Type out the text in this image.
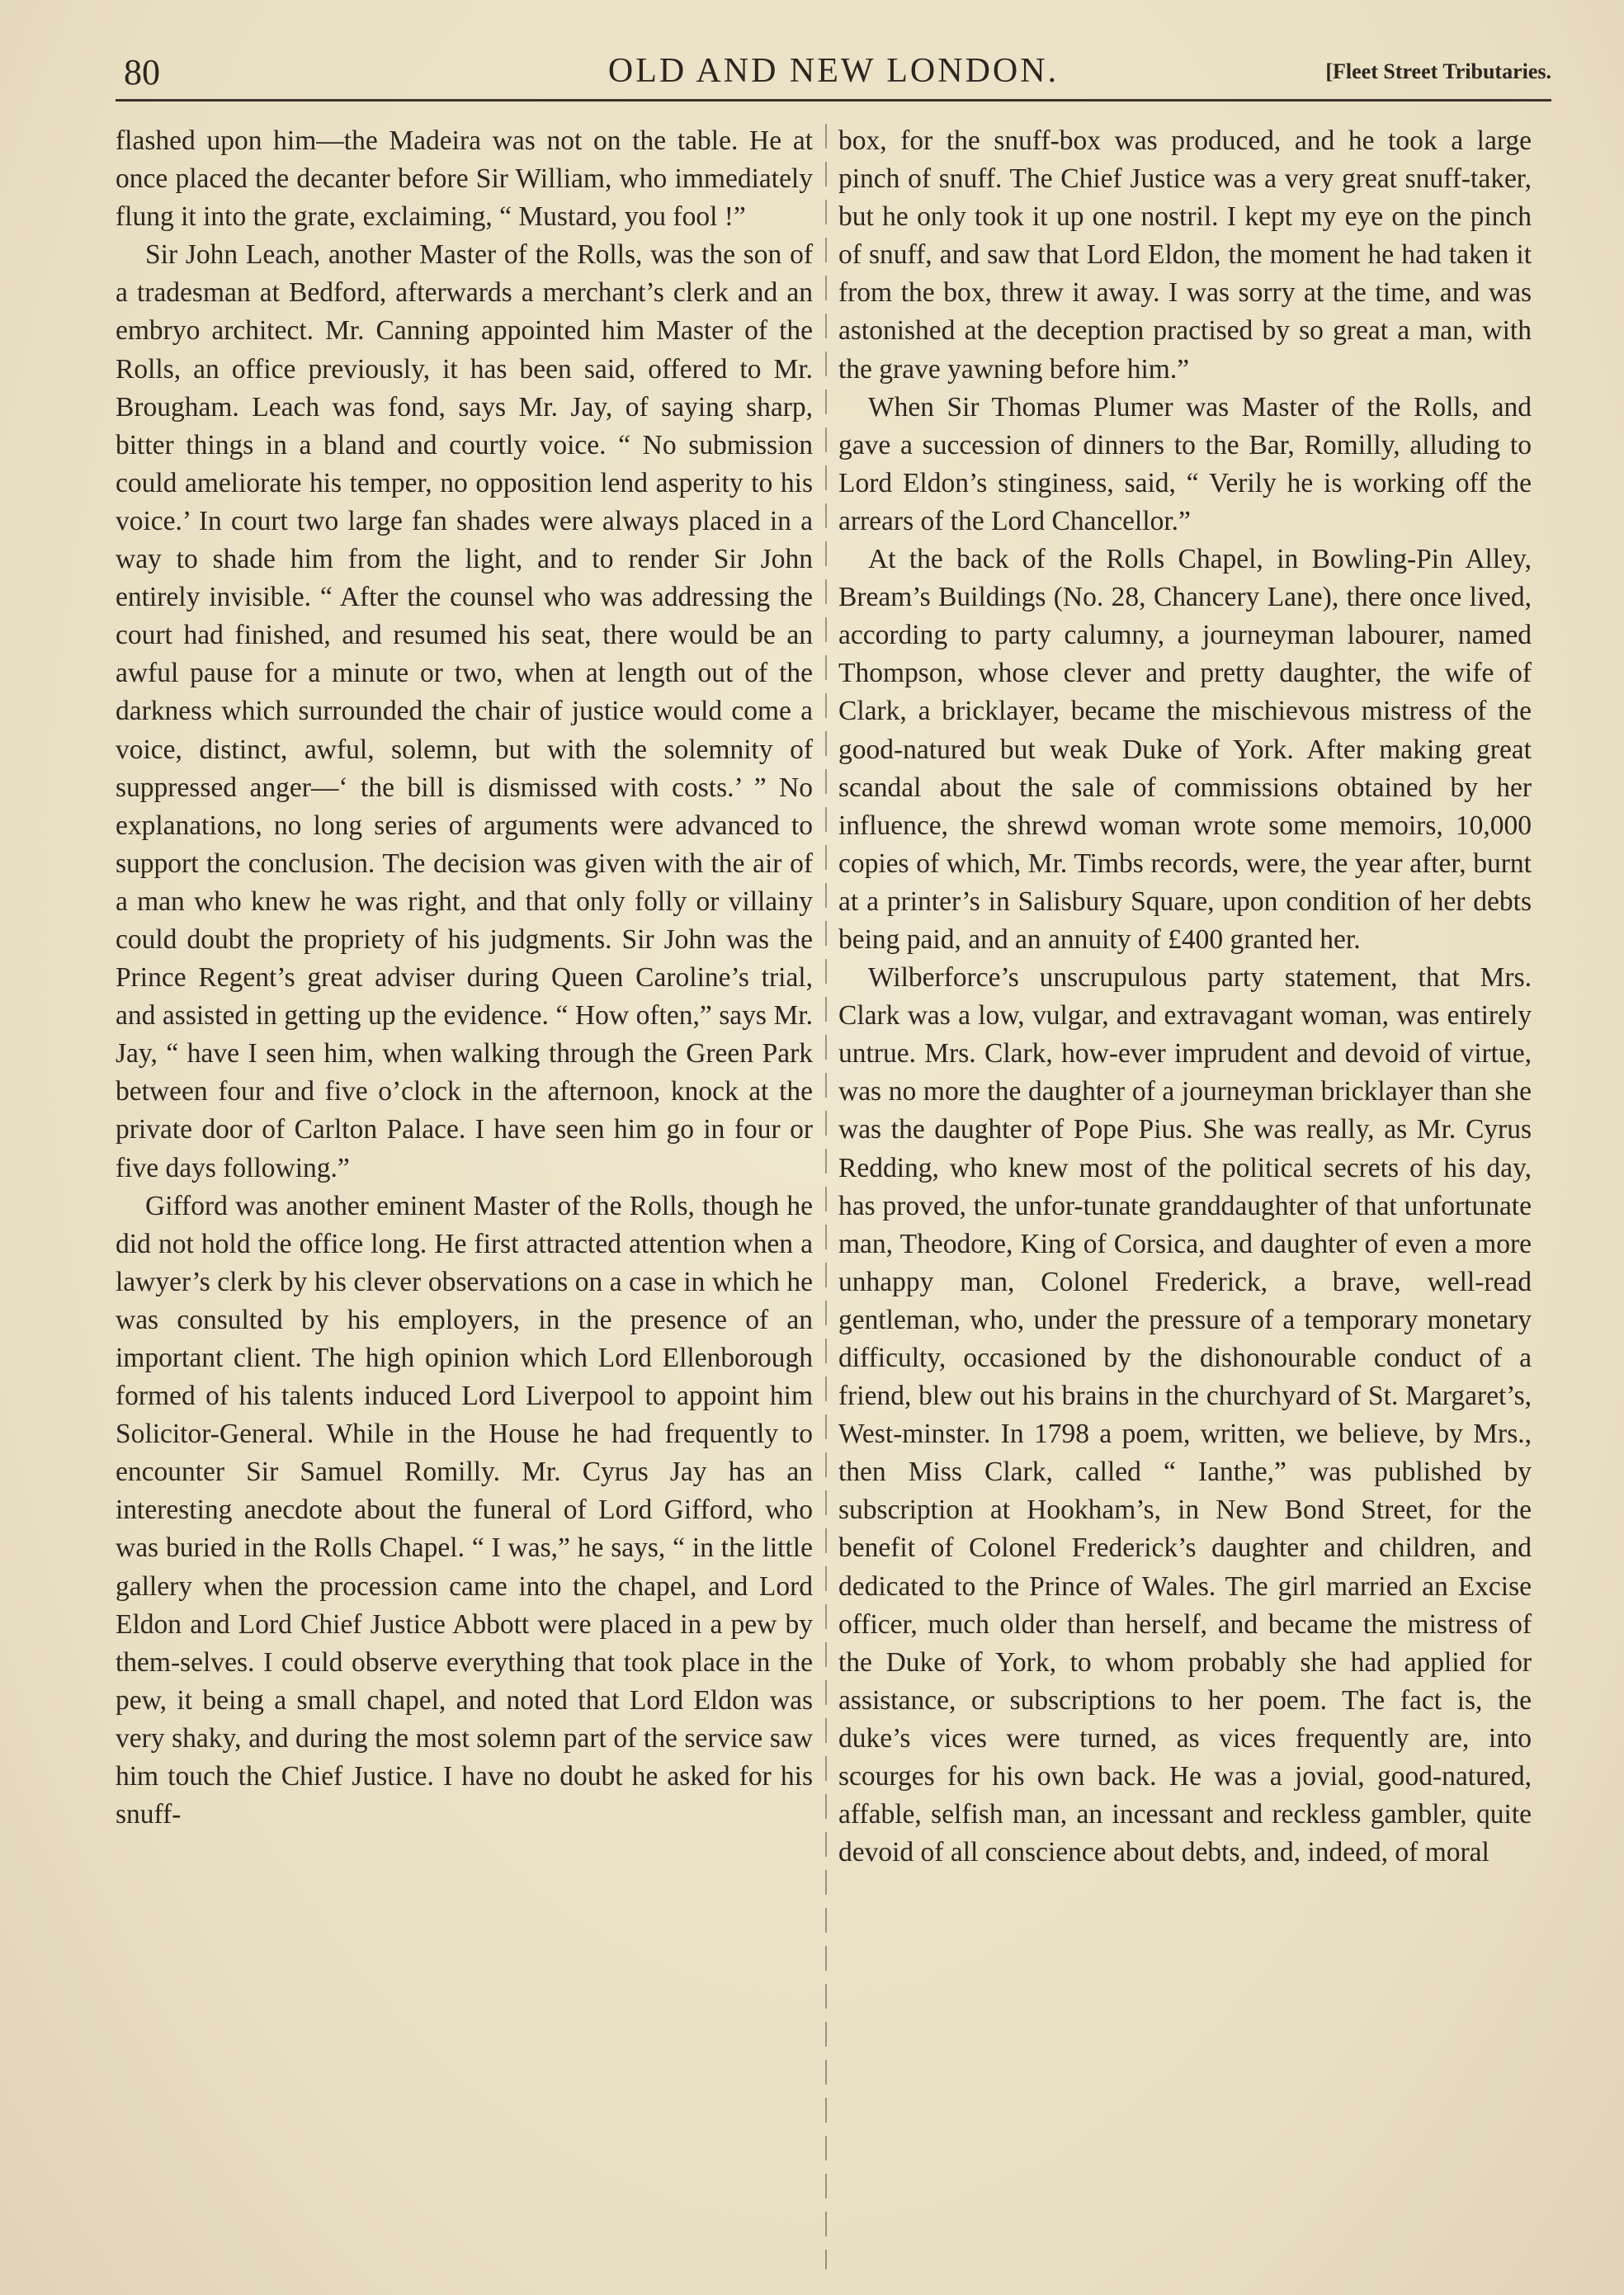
80	OLD AND NEW LONDON.	[Fleet Street Tributaries.

flashed upon him—the Madeira was not on the table. He at once placed the decanter before Sir William, who immediately flung it into the grate, exclaiming, “ Mustard, you fool !”

Sir John Leach, another Master of the Rolls, was the son of a tradesman at Bedford, afterwards a merchant’s clerk and an embryo architect. Mr. Canning appointed him Master of the Rolls, an office previously, it has been said, offered to Mr. Brougham. Leach was fond, says Mr. Jay, of saying sharp, bitter things in a bland and courtly voice. “ No submission could ameliorate his temper, no opposition lend asperity to his voice.’ In court two large fan shades were always placed in a way to shade him from the light, and to render Sir John entirely invisible. “ After the counsel who was addressing the court had finished, and resumed his seat, there would be an awful pause for a minute or two, when at length out of the darkness which surrounded the chair of justice would come a voice, distinct, awful, solemn, but with the solemnity of suppressed anger—‘ the bill is dismissed with costs.’ ” No explanations, no long series of arguments were advanced to support the conclusion. The decision was given with the air of a man who knew he was right, and that only folly or villainy could doubt the propriety of his judgments. Sir John was the Prince Regent’s great adviser during Queen Caroline’s trial, and assisted in getting up the evidence. “ How often,” says Mr. Jay, “ have I seen him, when walking through the Green Park between four and five o’clock in the afternoon, knock at the private door of Carlton Palace. I have seen him go in four or five days following.”

Gifford was another eminent Master of the Rolls, though he did not hold the office long. He first attracted attention when a lawyer’s clerk by his clever observations on a case in which he was consulted by his employers, in the presence of an important client. The high opinion which Lord Ellenborough formed of his talents induced Lord Liverpool to appoint him Solicitor-General. While in the House he had frequently to encounter Sir Samuel Romilly. Mr. Cyrus Jay has an interesting anecdote about the funeral of Lord Gifford, who was buried in the Rolls Chapel. “ I was,” he says, “ in the little gallery when the procession came into the chapel, and Lord Eldon and Lord Chief Justice Abbott were placed in a pew by them-selves. I could observe everything that took place in the pew, it being a small chapel, and noted that Lord Eldon was very shaky, and during the most solemn part of the service saw him touch the Chief Justice. I have no doubt he asked for his snuff-

box, for the snuff-box was produced, and he took a large pinch of snuff. The Chief Justice was a very great snuff-taker, but he only took it up one nostril. I kept my eye on the pinch of snuff, and saw that Lord Eldon, the moment he had taken it from the box, threw it away. I was sorry at the time, and was astonished at the deception practised by so great a man, with the grave yawning before him.”

When Sir Thomas Plumer was Master of the Rolls, and gave a succession of dinners to the Bar, Romilly, alluding to Lord Eldon’s stinginess, said, “ Verily he is working off the arrears of the Lord Chancellor.”

At the back of the Rolls Chapel, in Bowling-Pin Alley, Bream’s Buildings (No. 28, Chancery Lane), there once lived, according to party calumny, a journeyman labourer, named Thompson, whose clever and pretty daughter, the wife of Clark, a bricklayer, became the mischievous mistress of the good-natured but weak Duke of York. After making great scandal about the sale of commissions obtained by her influence, the shrewd woman wrote some memoirs, 10,000 copies of which, Mr. Timbs records, were, the year after, burnt at a printer’s in Salisbury Square, upon condition of her debts being paid, and an annuity of £400 granted her.

Wilberforce’s unscrupulous party statement, that Mrs. Clark was a low, vulgar, and extravagant woman, was entirely untrue. Mrs. Clark, how-ever imprudent and devoid of virtue, was no more the daughter of a journeyman bricklayer than she was the daughter of Pope Pius. She was really, as Mr. Cyrus Redding, who knew most of the political secrets of his day, has proved, the unfor-tunate granddaughter of that unfortunate man, Theodore, King of Corsica, and daughter of even a more unhappy man, Colonel Frederick, a brave, well-read gentleman, who, under the pressure of a temporary monetary difficulty, occasioned by the dishonourable conduct of a friend, blew out his brains in the churchyard of St. Margaret’s, West-minster. In 1798 a poem, written, we believe, by Mrs., then Miss Clark, called “ Ianthe,” was published by subscription at Hookham’s, in New Bond Street, for the benefit of Colonel Frederick’s daughter and children, and dedicated to the Prince of Wales. The girl married an Excise officer, much older than herself, and became the mistress of the Duke of York, to whom probably she had applied for assistance, or subscriptions to her poem. The fact is, the duke’s vices were turned, as vices frequently are, into scourges for his own back. He was a jovial, good-natured, affable, selfish man, an incessant and reckless gambler, quite devoid of all conscience about debts, and, indeed, of moral
